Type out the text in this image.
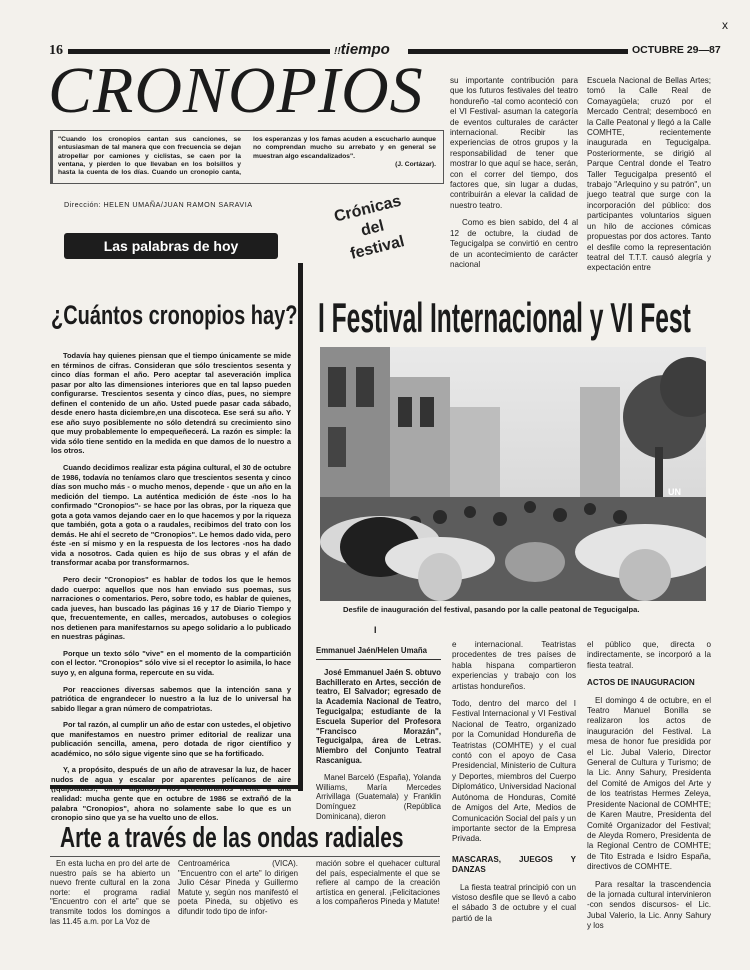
16	!!tiempo	OCTUBRE 29—87
x
CRONOPIOS
"Cuando los cronopios cantan sus canciones, se entusiasman de tal manera que con frecuencia se dejan atropellar por camiones y ciclistas, se caen por la ventana, y pierden lo que llevaban en los bolsillos y hasta la cuenta de los días. Cuando un cronopio canta, los esperanzas y los famas acuden a escucharlo aunque no comprendan mucho su arrebato y en general se muestran algo escandalizados".
(J. Cortázar).
Dirección: HELEN UMAÑA/JUAN RAMON SARAVIA

su importante contribución para que los futuros festivales del teatro hondureño -tal como aconteció con el VI Festival- asuman la categoría de eventos culturales de carácter internacional. Recibir las experiencias de otros grupos y la responsabilidad de tener que mostrar lo que aquí se hace, serán, con el correr del tiempo, dos factores que, sin lugar a dudas, contribuirán a elevar la calidad de nuestro teatro.

Como es bien sabido, del 4 al 12 de octubre, la ciudad de Tegucigalpa se convirtió en centro de un acontecimiento de carácter nacional

Escuela Nacional de Bellas Artes; tomó la Calle Real de Comayagüela; cruzó por el Mercado Central; desembocó en la Calle Peatonal y llegó a la Calle COMHTE, recientemente inaugurada en Tegucigalpa. Posteriormente, se dirigió al Parque Central donde el Teatro Taller Tegucigalpa presentó el trabajo "Arlequino y su patrón", un juego teatral que surge con la incorporación del público: dos participantes voluntarios siguen un hilo de acciones cómicas propuestas por dos actores. Tanto el desfile como la representación teatral del T.T.T. causó alegría y expectación entre

Crónicas del festival
Las palabras de hoy
¿Cuántos cronopios hay?

Todavía hay quienes piensan que el tiempo únicamente se mide en términos de cifras. Consideran que sólo trescientos sesenta y cinco días forman el año. Pero aceptar tal aseveración implica pasar por alto las dimensiones interiores que en tal lapso pueden configurarse. Trescientos sesenta y cinco días, pues, no siempre definen el contenido de un año. Usted puede pasar cada sábado, desde enero hasta diciembre,en una discoteca. Ese será su año. Y ese año suyo posiblemente no sólo detendrá su crecimiento sino que muy probablemente lo empequeñecerá. La razón es simple: la vida sólo tiene sentido en la medida en que damos de lo nuestro a los otros.

Cuando decidimos realizar esta página cultural, el 30 de octubre de 1986, todavía no teníamos claro que trescientos sesenta y cinco días son mucho más - o mucho menos, depende - que un año en la medición del tiempo. La auténtica medición de éste -nos lo ha confirmado "Cronopios"- se hace por las obras, por la riqueza que gota a gota vamos dejando caer en lo que hacemos y por la riqueza que también, gota a gota o a raudales, recibimos del trato con los demás. He ahí el secreto de "Cronopios". Le hemos dado vida, pero éste -en sí mismo y en la respuesta de los lectores -nos ha dado vida a nosotros. Cada quien es hijo de sus obras y el afán de transformar acaba por transformarnos.

Pero decir "Cronopios" es hablar de todos los que le hemos dado cuerpo: aquellos que nos han enviado sus poemas, sus narraciones o comentarios. Pero, sobre todo, es hablar de quienes, cada jueves, han buscado las páginas 16 y 17 de Diario Tiempo y que, frecuentemente, en calles, mercados, autobuses o colegios nos detienen para manifestarnos su apego solidario a lo publicado en nuestras páginas.

Porque un texto sólo "vive" en el momento de la compartición con el lector. "Cronopios" sólo vive si el receptor lo asimila, lo hace suyo y, en alguna forma, repercute en su vida.

Por reacciones diversas sabemos que la intención sana y patriótica de engrandecer lo nuestro a la luz de lo universal ha sabido llegar a gran número de compatriotas.

Por tal razón, al cumplir un año de estar con ustedes, el objetivo que manifestamos en nuestro primer editorial de realizar una publicación sencilla, amena, pero dotada de rigor científico y académico, no sólo sigue vigente sino que se ha fortificado.

Y, a propósito, después de un año de atravesar la luz, de hacer nudos de agua y escalar por aparentes pelícanos de aire (¡quijotadas!, dirán algunos) nos encontramos frente a una realidad: mucha gente que en octubre de 1986 se extrañó de la palabra "Cronopios", ahora no solamente sabe lo que es un cronopio sino que ya se ha vuelto uno de ellos.

I Festival Internacional y VI Fest
UN
Desfile de inauguración del festival, pasando por la calle peatonal de Tegucigalpa.
I

Emmanuel Jaén/Helen Umaña

José Emmanuel Jaén S. obtuvo Bachillerato en Artes, sección de teatro, El Salvador; egresado de la Academia Nacional de Teatro, Tegucigalpa; estudiante de la Escuela Superior del Profesora "Francisco Morazán", Tegucigalpa, área de Letras. Miembro del Conjunto Teatral Rascaniguа.

Manel Barceló (España), Yolanda Williams, María Mercedes Arrivillaga (Guatemala) y Franklin Domínguez (República Dominicana), dieron

e internacional. Teatristas procedentes de tres países de habla hispana compartieron experiencias y trabajo con los artistas hondureños.

Todo, dentro del marco del I Festival Internacional y VI Festival Nacional de Teatro, organizado por la Comunidad Hondureña de Teatristas (COMHTE) y el cual contó con el apoyo de Casa Presidencial, Ministerio de Cultura y Deportes, miembros del Cuerpo Diplomático, Universidad Nacional Autónoma de Honduras, Comité de Amigos del Arte, Medios de Comunicación Social del país y un importante sector de la Empresa Privada.

MASCARAS, JUEGOS Y DANZAS

La fiesta teatral principió con un vistoso desfile que se llevó a cabo el sábado 3 de octubre y el cual partió de la

el público que, directa o indirectamente, se incorporó a la fiesta teatral.

ACTOS DE INAUGURACION

El domingo 4 de octubre, en el Teatro Manuel Bonilla se realizaron los actos de inauguración del Festival. La mesa de honor fue presidida por el Lic. Jubal Valerio, Director General de Cultura y Turismo; de la Lic. Anny Sahury, Presidenta del Comité de Amigos del Arte y de los teatristas Hermes Zeleya, Presidente Nacional de COMHTE; de Karen Mautre, Presidenta del Comité Organizador del Festival; de Aleyda Romero, Presidenta de la Regional Centro de COMHTE; de Tito Estrada e Isidro España, directivos de COMHTE.

Para resaltar la trascendencia de la jornada cultural intervinieron -con sendos discursos- el Lic. Jubal Valerio, la Lic. Anny Sahury y los

Arte a través de las ondas radiales

En esta lucha en pro del arte de nuestro país se ha abierto un nuevo frente cultural en la zona norte: el programa radial "Encuentro con el arte" que se transmite todos los domingos a las 11.45 a.m. por La Voz de

Centroamérica (VICA). "Encuentro con el arte" lo dirigen Julio César Pineda y Guillermo Matute y, según nos manifestó el poeta Pineda, su objetivo es difundir todo tipo de infor-

mación sobre el quehacer cultural del país, especialmente el que se refiere al campo de la creación artística en general. ¡Felicitaciones a los compañeros Pineda y Matute!
